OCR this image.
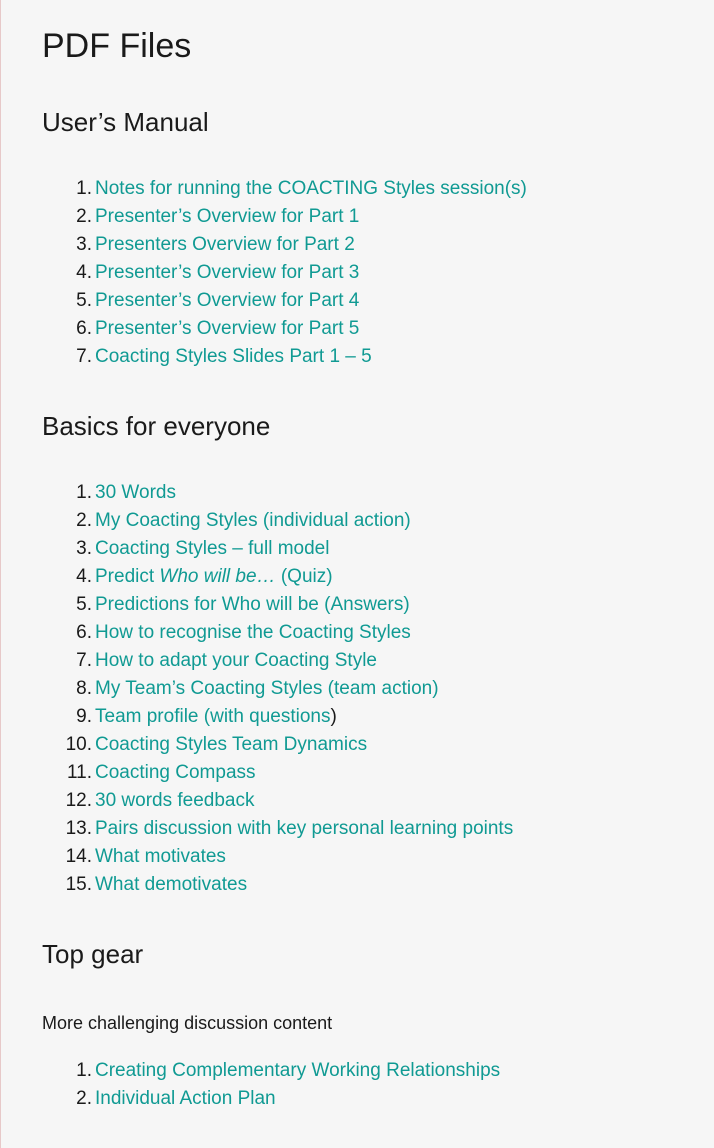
PDF Files
User’s Manual
1. Notes for running the COACTING Styles session(s)
2. Presenter’s Overview for Part 1
3. Presenters Overview for Part 2
4. Presenter’s Overview for Part 3
5. Presenter’s Overview for Part 4
6. Presenter’s Overview for Part 5
7. Coacting Styles Slides Part 1 – 5
Basics for everyone
1. 30 Words
2. My Coacting Styles (individual action)
3. Coacting Styles – full model
4. Predict Who will be… (Quiz)
5. Predictions for Who will be (Answers)
6. How to recognise the Coacting Styles
7. How to adapt your Coacting Style
8. My Team’s Coacting Styles (team action)
9. Team profile (with questions)
10. Coacting Styles Team Dynamics
11. Coacting Compass
12. 30 words feedback
13. Pairs discussion with key personal learning points
14. What motivates
15. What demotivates
Top gear

More challenging discussion content

1. Creating Complementary Working Relationships
2. Individual Action Plan
